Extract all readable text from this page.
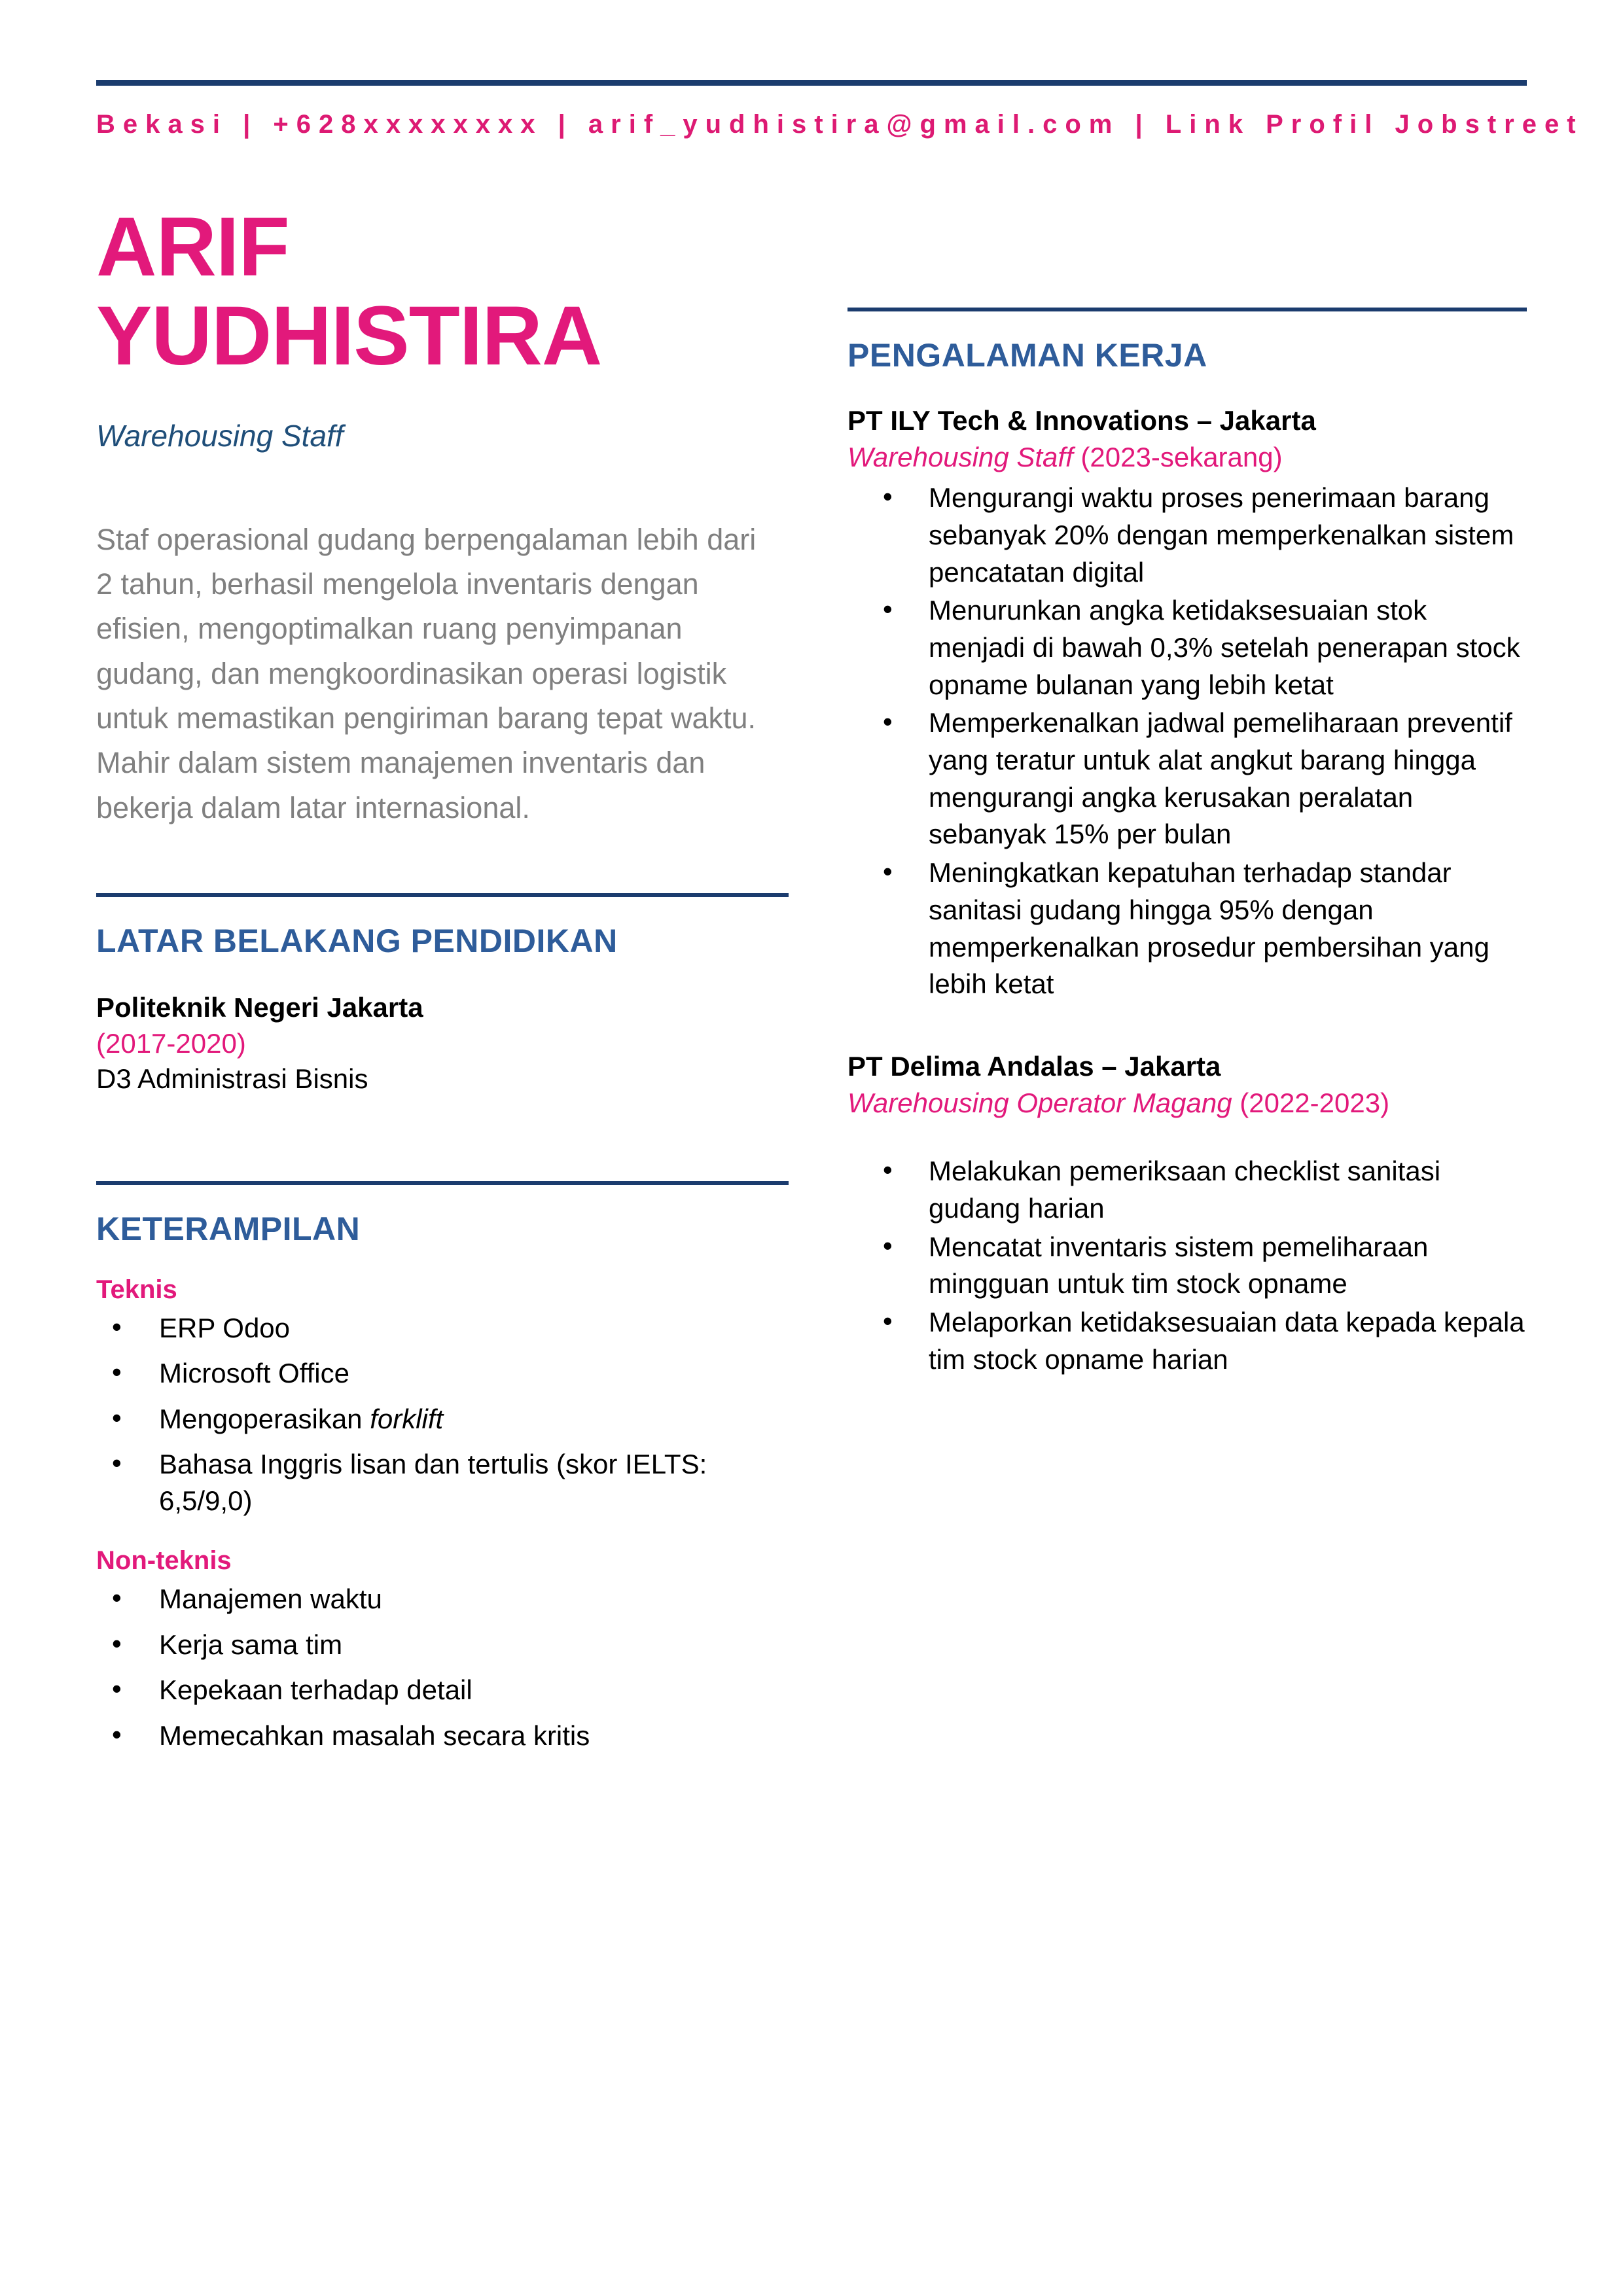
Bekasi | +628xxxxxxxx | arif_yudhistira@gmail.com | Link Profil Jobstreet
ARIF
YUDHISTIRA
Warehousing Staff
Staf operasional gudang berpengalaman lebih dari 2 tahun, berhasil mengelola inventaris dengan efisien, mengoptimalkan ruang penyimpanan gudang, dan mengkoordinasikan operasi logistik untuk memastikan pengiriman barang tepat waktu. Mahir dalam sistem manajemen inventaris dan bekerja dalam latar internasional.
LATAR BELAKANG PENDIDIKAN
Politeknik Negeri Jakarta
(2017-2020)
D3 Administrasi Bisnis
KETERAMPILAN
Teknis
• ERP Odoo
• Microsoft Office
• Mengoperasikan forklift
• Bahasa Inggris lisan dan tertulis (skor IELTS: 6,5/9,0)
Non-teknis
• Manajemen waktu
• Kerja sama tim
• Kepekaan terhadap detail
• Memecahkan masalah secara kritis
PENGALAMAN KERJA
PT ILY Tech & Innovations – Jakarta
Warehousing Staff (2023-sekarang)
• Mengurangi waktu proses penerimaan barang sebanyak 20% dengan memperkenalkan sistem pencatatan digital
• Menurunkan angka ketidaksesuaian stok menjadi di bawah 0,3% setelah penerapan stock opname bulanan yang lebih ketat
• Memperkenalkan jadwal pemeliharaan preventif yang teratur untuk alat angkut barang hingga mengurangi angka kerusakan peralatan sebanyak 15% per bulan
• Meningkatkan kepatuhan terhadap standar sanitasi gudang hingga 95% dengan memperkenalkan prosedur pembersihan yang lebih ketat
PT Delima Andalas – Jakarta
Warehousing Operator Magang (2022-2023)
• Melakukan pemeriksaan checklist sanitasi gudang harian
• Mencatat inventaris sistem pemeliharaan mingguan untuk tim stock opname
• Melaporkan ketidaksesuaian data kepada kepala tim stock opname harian
